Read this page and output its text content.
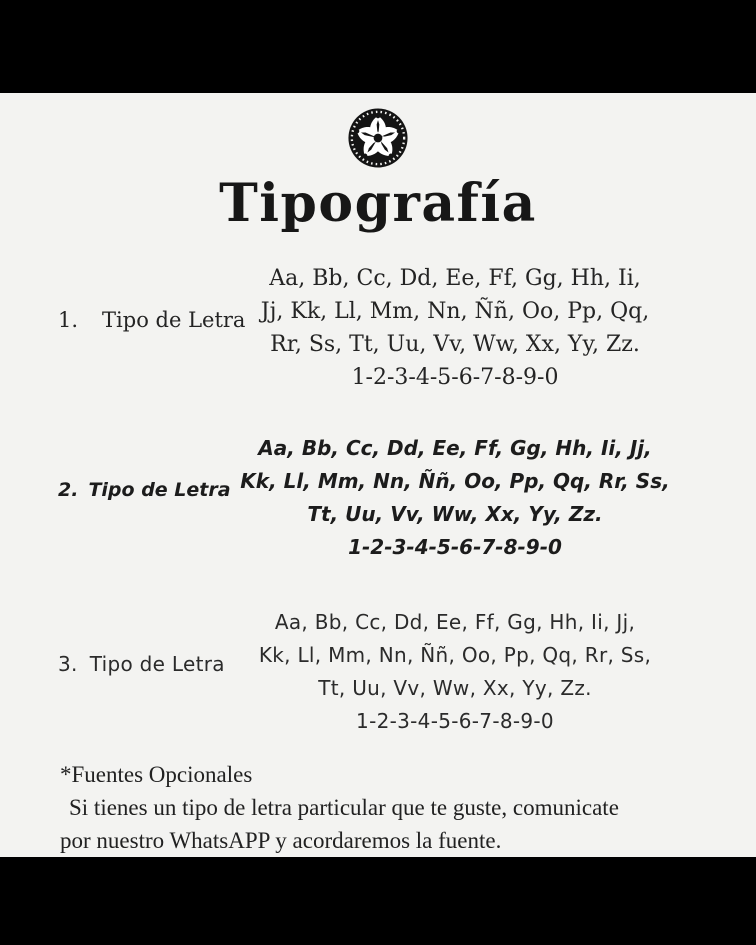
Tipografía
1. Tipo de Letra
Aa, Bb, Cc, Dd, Ee, Ff, Gg, Hh, Ii,
Jj, Kk, Ll, Mm, Nn, Ññ, Oo, Pp, Qq,
Rr, Ss, Tt, Uu, Vv, Ww, Xx, Yy, Zz.
1-2-3-4-5-6-7-8-9-0
2. Tipo de Letra
Aa, Bb, Cc, Dd, Ee, Ff, Gg, Hh, Ii, Jj,
Kk, Ll, Mm, Nn, Ññ, Oo, Pp, Qq, Rr, Ss,
Tt, Uu, Vv, Ww, Xx, Yy, Zz.
1-2-3-4-5-6-7-8-9-0
3. Tipo de Letra
Aa, Bb, Cc, Dd, Ee, Ff, Gg, Hh, Ii, Jj,
Kk, Ll, Mm, Nn, Ññ, Oo, Pp, Qq, Rr, Ss,
Tt, Uu, Vv, Ww, Xx, Yy, Zz.
1-2-3-4-5-6-7-8-9-0
*Fuentes Opcionales
Si tienes un tipo de letra particular que te guste, comunicate
por nuestro WhatsAPP y acordaremos la fuente.
